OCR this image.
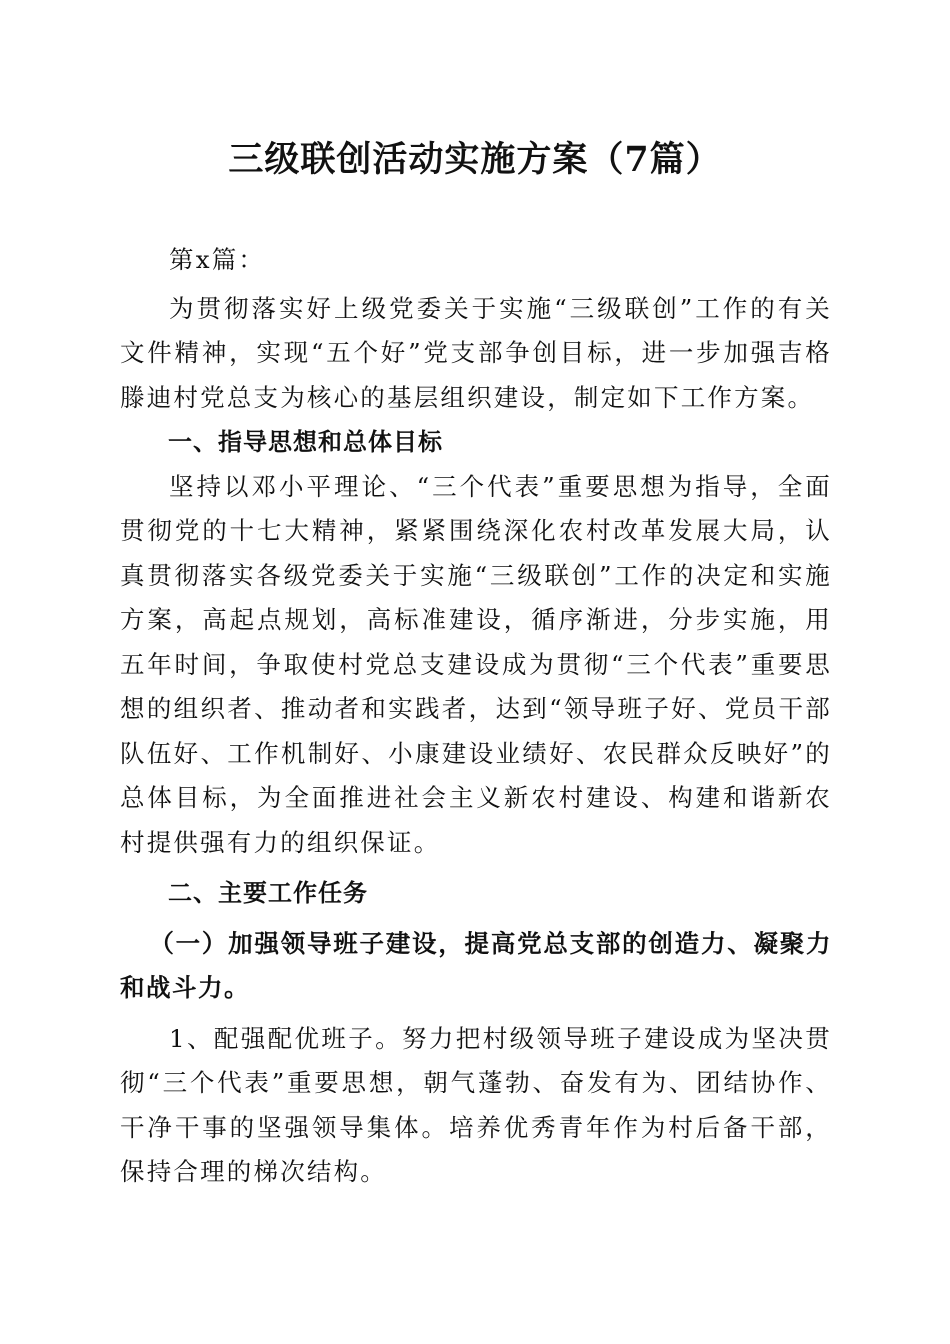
三级联创活动实施方案（7篇）

第x篇：

为贯彻落实好上级党委关于实施“三级联创”工作的有关文件精神，实现“五个好”党支部争创目标，进一步加强吉格滕迪村党总支为核心的基层组织建设，制定如下工作方案。

一、指导思想和总体目标

坚持以邓小平理论、“三个代表”重要思想为指导，全面贯彻党的十七大精神，紧紧围绕深化农村改革发展大局，认真贯彻落实各级党委关于实施“三级联创”工作的决定和实施方案，高起点规划，高标准建设，循序渐进，分步实施，用五年时间，争取使村党总支建设成为贯彻“三个代表”重要思想的组织者、推动者和实践者，达到“领导班子好、党员干部队伍好、工作机制好、小康建设业绩好、农民群众反映好”的总体目标，为全面推进社会主义新农村建设、构建和谐新农村提供强有力的组织保证。

二、主要工作任务

（一）加强领导班子建设，提高党总支部的创造力、凝聚力和战斗力。

1、配强配优班子。努力把村级领导班子建设成为坚决贯彻“三个代表”重要思想，朝气蓬勃、奋发有为、团结协作、干净干事的坚强领导集体。培养优秀青年作为村后备干部，保持合理的梯次结构。
